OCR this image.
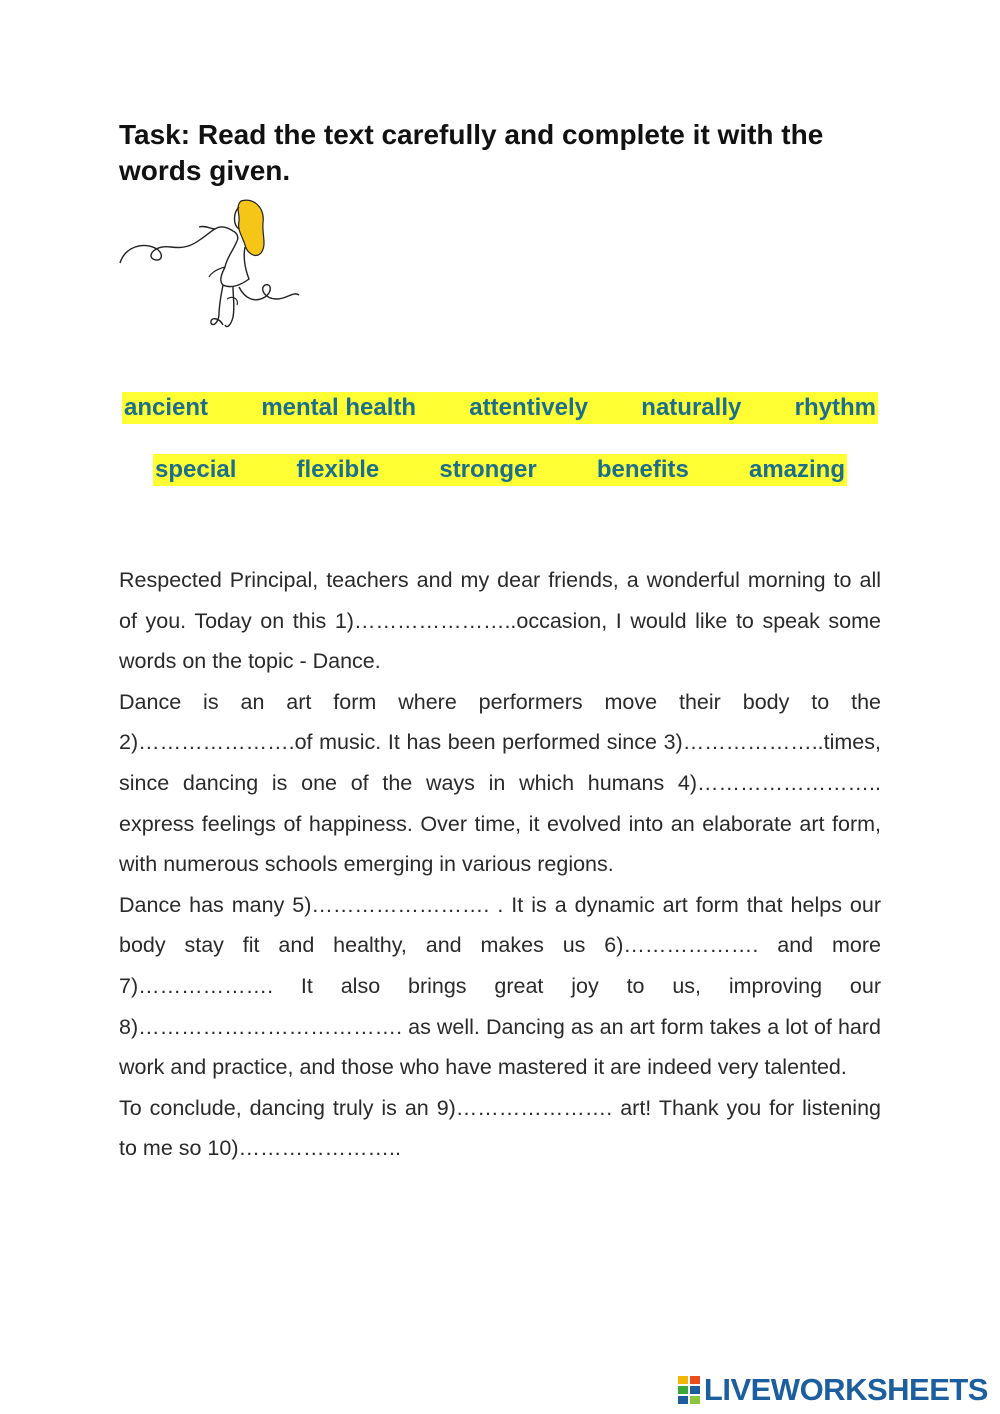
Task: Read the text carefully and complete it with the words given.
ancient mental health attentively naturally rhythm
special	flexible	stronger	benefits	amazing

Respected Principal, teachers and my dear friends, a wonderful morning to all of you. Today on this 1)…………………..occasion, I would like to speak some words on the topic - Dance.

Dance is an art form where performers move their body to the 2)………………….of music. It has been performed since 3)………………..times, since dancing is one of the ways in which humans 4)…………………….. express feelings of happiness. Over time, it evolved into an elaborate art form, with numerous schools emerging in various regions.

Dance has many 5)……………………. . It is a dynamic art form that helps our body stay fit and healthy, and makes us 6)………………. and more 7)………………. It also brings great joy to us, improving our 8)………………………………. as well. Dancing as an art form takes a lot of hard work and practice, and those who have mastered it are indeed very talented.

To conclude, dancing truly is an 9)…………………. art! Thank you for listening to me so 10)…………………..

LIVEWORKSHEETS
